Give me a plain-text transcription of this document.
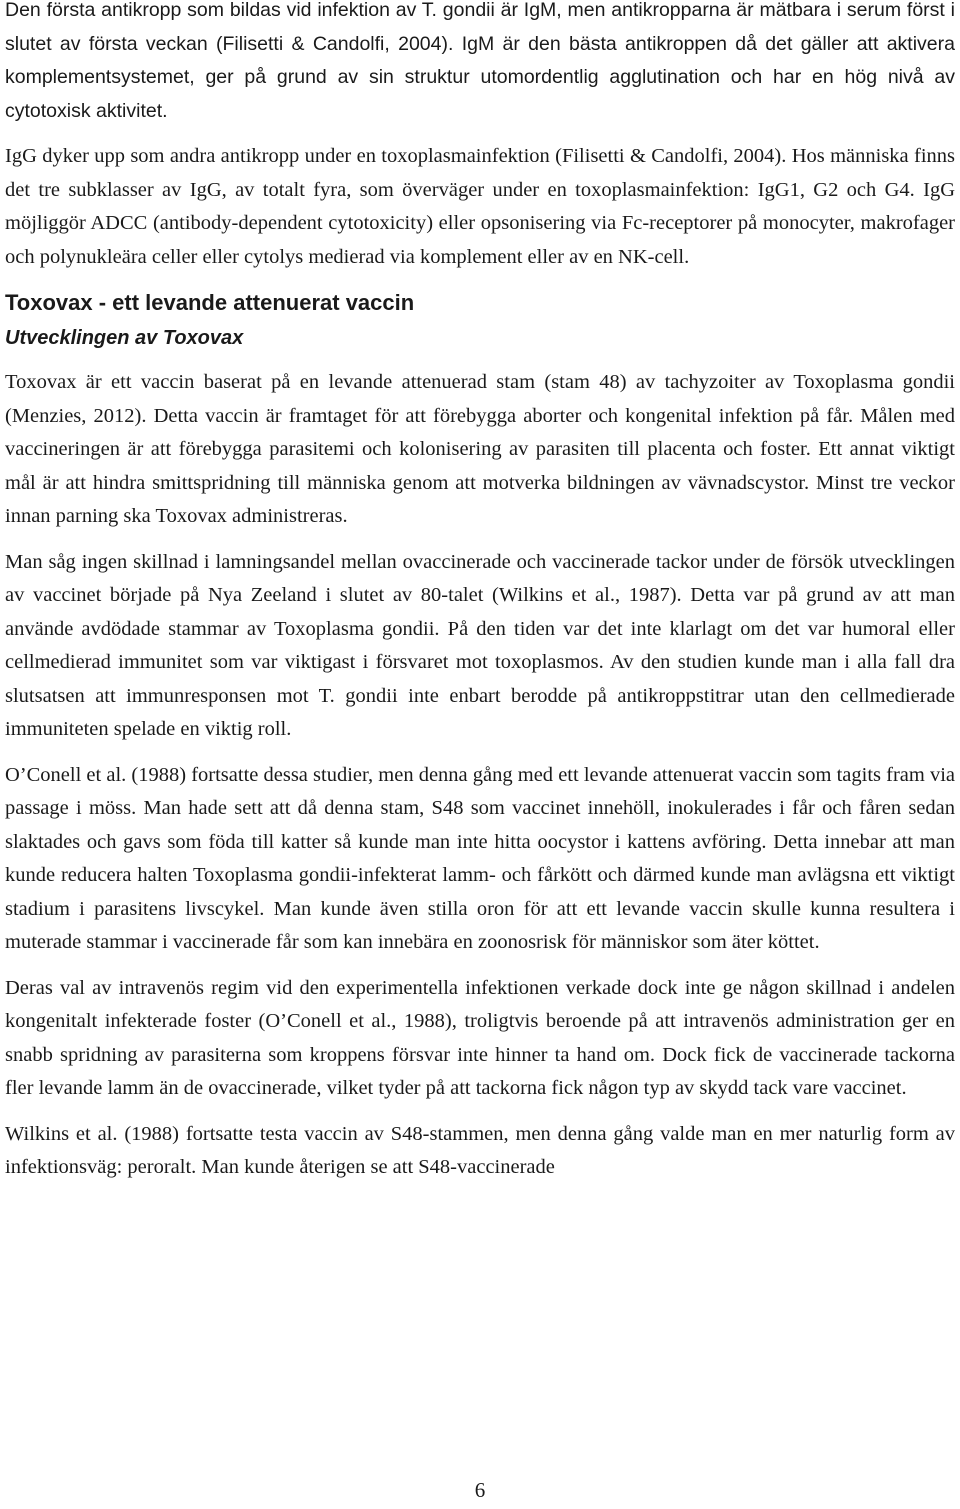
Den första antikropp som bildas vid infektion av T. gondii är IgM, men antikropparna är mätbara i serum först i slutet av första veckan (Filisetti & Candolfi, 2004). IgM är den bästa antikroppen då det gäller att aktivera komplementsystemet, ger på grund av sin struktur utomordentlig agglutination och har en hög nivå av cytotoxisk aktivitet.

IgG dyker upp som andra antikropp under en toxoplasmainfektion (Filisetti & Candolfi, 2004). Hos människa finns det tre subklasser av IgG, av totalt fyra, som överväger under en toxoplasmainfektion: IgG1, G2 och G4. IgG möjliggör ADCC (antibody-dependent cytotoxicity) eller opsonisering via Fc-receptorer på monocyter, makrofager och polynukleära celler eller cytolys medierad via komplement eller av en NK-cell.

Toxovax - ett levande attenuerat vaccin
Utvecklingen av Toxovax

Toxovax är ett vaccin baserat på en levande attenuerad stam (stam 48) av tachyzoiter av Toxoplasma gondii (Menzies, 2012). Detta vaccin är framtaget för att förebygga aborter och kongenital infektion på får. Målen med vaccineringen är att förebygga parasitemi och kolonisering av parasiten till placenta och foster. Ett annat viktigt mål är att hindra smittspridning till människa genom att motverka bildningen av vävnadscystor. Minst tre veckor innan parning ska Toxovax administreras.

Man såg ingen skillnad i lamningsandel mellan ovaccinerade och vaccinerade tackor under de försök utvecklingen av vaccinet började på Nya Zeeland i slutet av 80-talet (Wilkins et al., 1987). Detta var på grund av att man använde avdödade stammar av Toxoplasma gondii. På den tiden var det inte klarlagt om det var humoral eller cellmedierad immunitet som var viktigast i försvaret mot toxoplasmos. Av den studien kunde man i alla fall dra slutsatsen att immunresponsen mot T. gondii inte enbart berodde på antikroppstitrar utan den cellmedierade immuniteten spelade en viktig roll.

O’Conell et al. (1988) fortsatte dessa studier, men denna gång med ett levande attenuerat vaccin som tagits fram via passage i möss. Man hade sett att då denna stam, S48 som vaccinet innehöll, inokulerades i får och fåren sedan slaktades och gavs som föda till katter så kunde man inte hitta oocystor i kattens avföring. Detta innebar att man kunde reducera halten Toxoplasma gondii-infekterat lamm- och fårkött och därmed kunde man avlägsna ett viktigt stadium i parasitens livscykel. Man kunde även stilla oron för att ett levande vaccin skulle kunna resultera i muterade stammar i vaccinerade får som kan innebära en zoonosrisk för människor som äter köttet.

Deras val av intravenös regim vid den experimentella infektionen verkade dock inte ge någon skillnad i andelen kongenitalt infekterade foster (O’Conell et al., 1988), troligtvis beroende på att intravenös administration ger en snabb spridning av parasiterna som kroppens försvar inte hinner ta hand om. Dock fick de vaccinerade tackorna fler levande lamm än de ovaccinerade, vilket tyder på att tackorna fick någon typ av skydd tack vare vaccinet.

Wilkins et al. (1988) fortsatte testa vaccin av S48-stammen, men denna gång valde man en mer naturlig form av infektionsväg: peroralt. Man kunde återigen se att S48-vaccinerade

6
